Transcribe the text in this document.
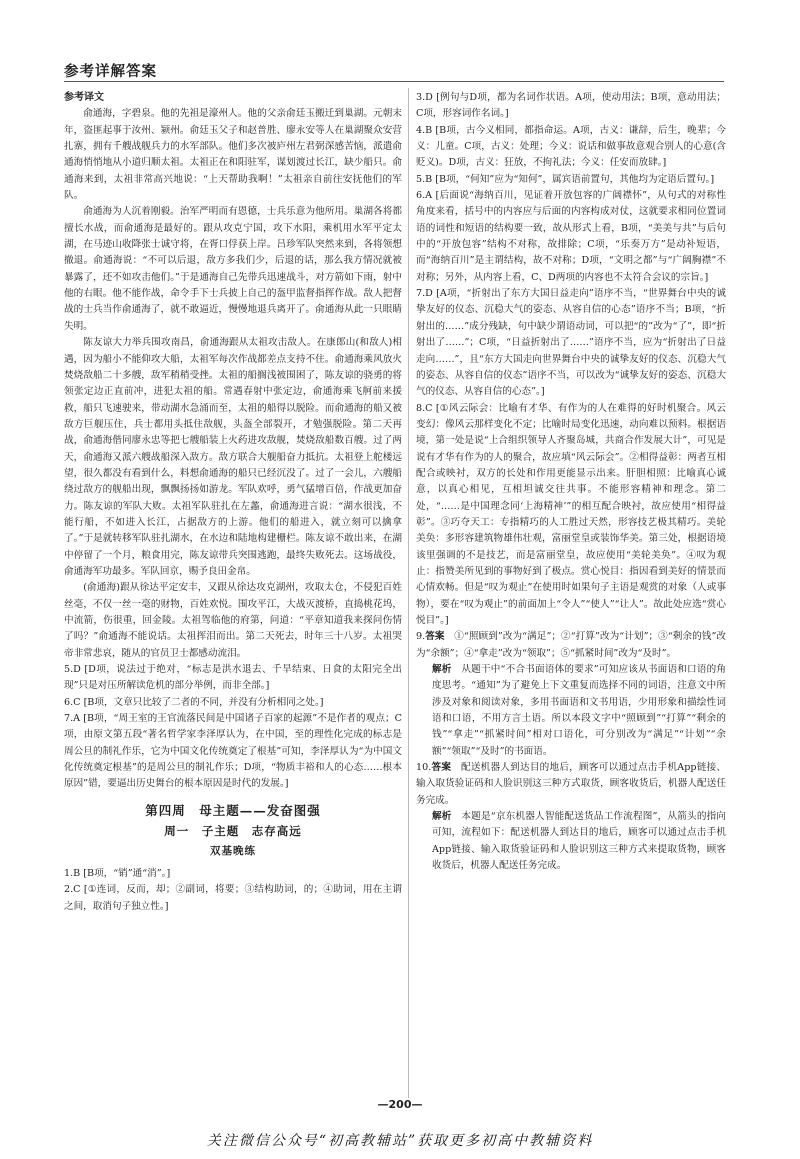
参考详解答案

参考译文

俞通海，字碧泉。他的先祖是濠州人。他的父亲俞廷玉搬迁到巢湖。元朝末年，盗匪起事于汝州、颍州。俞廷玉父子和赵普胜、廖永安等人在巢湖聚众安营扎寨，拥有千艘战舰兵力的水军部队。他们多次被庐州左君弼深感苦恼，派遣俞通海悄悄地从小道归顺太祖。太祖正在和阳驻军，谋划渡过长江，缺少船只。俞通海来到，太祖非常高兴地说：“上天帮助我啊！”太祖亲自前往安抚他们的军队。

俞通海为人沉着刚毅。治军严明而有恩德，士兵乐意为他所用。巢湖各将都擅长水战，而俞通海是最好的。跟从攻克宁国，攻下水阳，乘机用水军平定太湖，在马迹山收降张士诚守将，在胥口俘获上岸。吕珍军队突然来到，各将领想撤退。俞通海说：“不可以后退，敌方多我们少，后退的话，那么我方情况就被暴露了，还不如攻击他们。”于是通海自己先带兵迅速战斗，对方箭如下雨，射中他的右眼。他不能作战，命令手下士兵披上自己的盔甲监督指挥作战。敌人把督战的士兵当作俞通海了，就不敢逼近，慢慢地退兵离开了。俞通海从此一只眼睛失明。

陈友谅大力举兵围攻南昌，俞通海跟从太祖攻击敌人。在康郎山(和敌人)相遇，因为船小不能仰攻大船，太祖军每次作战都差点支持不住。俞通海乘风放火焚烧敌船二十多艘，敌军稍稍受挫。太祖的船搁浅被围困了，陈友谅的骁勇的将领张定边正直前冲，进犯太祖的船。常遇春射中张定边，俞通海乘飞舸前来援救，船只飞速驶来，带动湖水急涌而至，太祖的船得以脱险。而俞通海的船又被敌方巨舰压住，兵士都用头抵住敌舰，头盔全部裂开，才勉强脱险。第二天再战，俞通海偕同廖永忠等把七艘船装上火药进攻敌舰，焚烧敌船数百艘。过了两天，俞通海又派六艘战船深入敌方。敌方联合大舰船奋力抵抗。太祖登上舵楼远望，很久都没有看到什么，料想俞通海的船只已经沉没了。过了一会儿，六艘船绕过敌方的舰船出现，飘飘扬扬如游龙。军队欢呼，勇气猛增百倍，作战更加奋力。陈友谅的军队大败。太祖军队驻扎在左蠡，俞通海进言说：“湖水很浅，不能行船，不如进入长江，占据敌方的上游。他们的船进入，就立刻可以擒拿了。”于是就转移军队驻扎湖水，在水边和陆地构建栅栏。陈友谅不敢出来，在湖中停留了一个月，粮食用完，陈友谅带兵突围逃跑，最终失败死去。这场战役，俞通海军功最多。军队回京，赐予良田金帛。

(俞通海)跟从徐达平定安丰，又跟从徐达攻克湖州，攻取太仓，不侵犯百姓丝毫，不仅一丝一毫的财物，百姓欢悦。围攻平江，大战灭渡桥，直捣桃花坞，中流箭，伤很重，回金陵。太祖驾临他的府第，问道：“平章知道我来探问伤情了吗？”俞通海不能说话。太祖挥泪而出。第二天死去，时年三十八岁。太祖哭帝非常悲哀，随从的官员卫士都感动流泪。

5.D [D项，说法过于绝对，“标志是洪水退去、千旱结束、日食的太阳完全出现”只是对压所解读危机的部分举例，而非全部。]

6.C [B项，文章只比较了二者的不同，并没有分析相同之处。]

7.A [B项，“周王室的王官流落民间是中国诸子百家的起源”不是作者的观点；C项，由原文第五段“著名哲学家李泽厚认为，在中国，至的理性化完成的标志是周公旦的制礼作乐，它为中国文化传统奠定了根基”可知，李泽厚认为“为中国文化传统奠定根基”的是周公旦的制礼作乐；D项，“物质丰裕和人的心态……根本原因”错，要逼出历史舞台的根本原因是时代的发展。]

第四周　母主题——发奋图强

周一　子主题　志存高远

双基晚练

1.B [B项，“销”通“消”。]

2.C [①连词，反而，却；②副词，将要；③结构助词，的；④助词，用在主谓之间，取消句子独立性。]

3.D [例句与D项，都为名词作状语。A项，使动用法；B项，意动用法；C项，形容词作名词。]

4.B [B项，古今义相同，都指命运。A项，古义：谦辞，后生，晚辈；今义：儿童。C项，古义：处理；今义：说话和做事故意观合别人的心意(含贬义)。D项，古义：狂放，不拘礼法；今义：任安而放肆。]

5.B [B项，“何知”应为“知何”，属宾语前置句，其他均为定语后置句。]

6.A [后面说“海纳百川，见证着开放包容的广阔襟怀”，从句式的对称性角度来看，括号中的内容应与后面的内容构成对仗，这就要求相同位置词语的词性和短语的结构要一致，故从形式上看，B项，“美美与共”与后句中的“开放包容”结构不对称，故排除；C项，“乐奏万方”是动补短语，而“海纳百川”是主谓结构，故不对称；D项，“文明之都”与“广阔胸襟”不对称；另外，从内容上看，C、D两项的内容也不太符合会议的宗旨。]

7.D [A项，“折射出了东方大国日益走向”语序不当，“世界舞台中央的诚挚友好的仪态、沉稳大气的姿态、从容自信的心态”语序不当；B项，“折射出的……”成分残缺，句中缺少谓语动词，可以把“的”改为“了”，即“折射出了……”；C项，“日益折射出了……”语序不当，应为“折射出了日益走向……”，且“东方大国走向世界舞台中央的诚挚友好的仪态、沉稳大气的姿态、从容自信的仪态”语序不当，可以改为“诚挚友好的姿态、沉稳大气的仪态、从容自信的心态”。]

8.C [①风云际会：比喻有才华、有作为的人在难得的好时机聚合。风云变幻：像风云那样变化不定；比喻时局变化迅速，动向难以预料。根据语境，第一处是说“上合组织领导人齐聚岛城，共商合作发展大计”，可见是说有才华有作为的人的聚合，故应填“风云际会”。②相得益彰：两者互相配合或映衬，双方的长处和作用更能显示出来。肝胆相照：比喻真心诚意，以真心相见，互相坦诚交往共事。不能形容精神和理念。第二处，“……是中国理念同‘上海精神’”的相互配合映衬，故应使用“相得益彰”。③巧夺天工：专指精巧的人工胜过天然，形容技艺极其精巧。美轮美奂：多形容建筑物雄伟壮观，富丽堂皇或装饰华美。第三处，根据语境该里强调的不是技艺，而是富丽堂皇，故应使用“美轮美奂”。④叹为观止：指赞美所见到的事物好到了极点。赏心悦目：指因看到美好的情景而心情欢畅。但是“叹为观止”在使用时如果句子主语是观赏的对象（人或事物），要在“叹为观止”的前面加上“令人”“使人”“让人”。故此处应选“赏心悦目”。]

9.答案　 ①“照顾到”改为“满足”；②“打算”改为“计划”；③“剩余的钱”改为“余额”；④“拿走”改为“领取”；⑤“抓紧时间”改为“及时”。

解析　 从题干中“不合书面语体的要求”可知应该从书面语和口语的角度思考。“通知”为了避免上下文重复而选择不同的词语，注意文中所涉及对象和阅读对象，多用书面语和文书用语，少用形象和描绘性词语和口语，不用方言土语。所以本段文字中“照顾到”“打算”“剩余的钱”“拿走”“抓紧时间”相对口语化，可分别改为“满足”“计划”“余额”“领取”“及时”的书面语。

10.答案　 配送机器人到达目的地后，顾客可以通过点击手机App链接、输入取货验证码和人脸识别这三种方式取货，顾客收货后，机器人配送任务完成。

解析　 本题是“京东机器人智能配送货品工作流程图”，从箭头的指向可知，流程如下：配送机器人到达目的地后，顾客可以通过点击手机App链接、输入取货验证码和人脸识别这三种方式来提取货物，顾客收货后，机器人配送任务完成。

—200—
关注微信公众号“初高教辅站”获取更多初高中教辅资料
